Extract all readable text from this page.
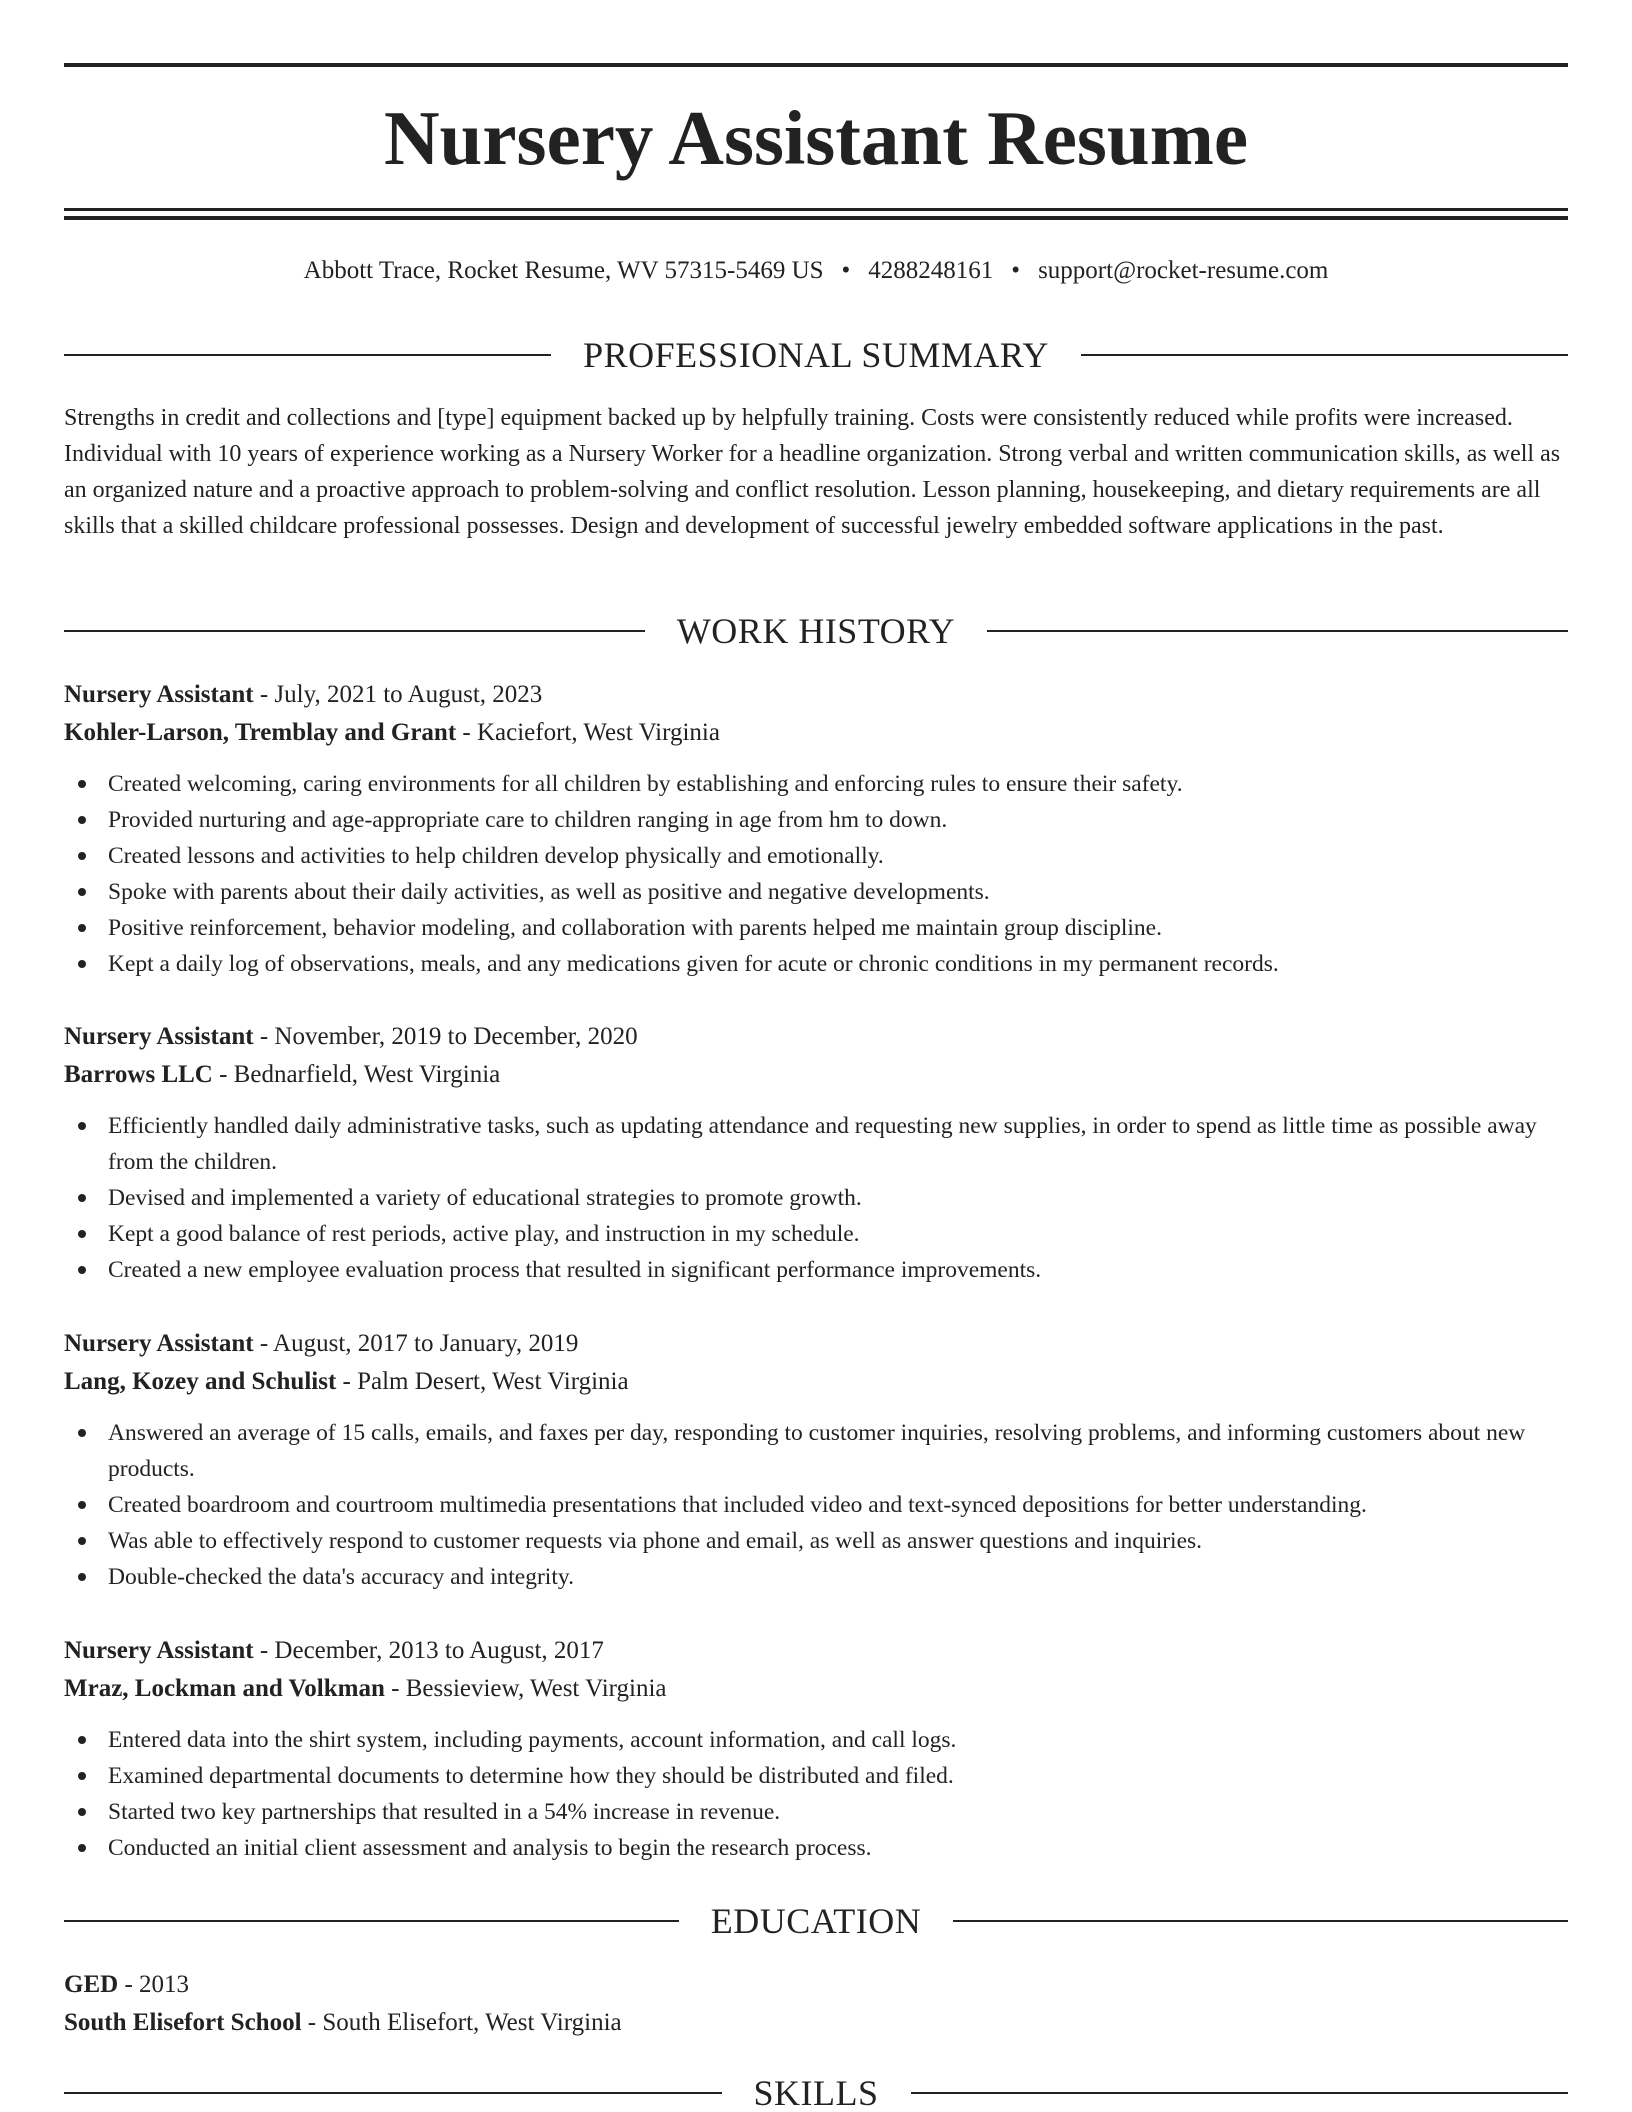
Nursery Assistant Resume
Abbott Trace, Rocket Resume, WV 57315-5469 US • 4288248161 • support@rocket-resume.com
PROFESSIONAL SUMMARY

Strengths in credit and collections and [type] equipment backed up by helpfully training. Costs were consistently reduced while profits were increased. Individual with 10 years of experience working as a Nursery Worker for a headline organization. Strong verbal and written communication skills, as well as an organized nature and a proactive approach to problem-solving and conflict resolution. Lesson planning, housekeeping, and dietary requirements are all skills that a skilled childcare professional possesses. Design and development of successful jewelry embedded software applications in the past.

WORK HISTORY
Nursery Assistant - July, 2021 to August, 2023
Kohler-Larson, Tremblay and Grant - Kaciefort, West Virginia
Created welcoming, caring environments for all children by establishing and enforcing rules to ensure their safety.
Provided nurturing and age-appropriate care to children ranging in age from hm to down.
Created lessons and activities to help children develop physically and emotionally.
Spoke with parents about their daily activities, as well as positive and negative developments.
Positive reinforcement, behavior modeling, and collaboration with parents helped me maintain group discipline.
Kept a daily log of observations, meals, and any medications given for acute or chronic conditions in my permanent records.
Nursery Assistant - November, 2019 to December, 2020
Barrows LLC - Bednarfield, West Virginia
Efficiently handled daily administrative tasks, such as updating attendance and requesting new supplies, in order to spend as little time as possible away from the children.
Devised and implemented a variety of educational strategies to promote growth.
Kept a good balance of rest periods, active play, and instruction in my schedule.
Created a new employee evaluation process that resulted in significant performance improvements.
Nursery Assistant - August, 2017 to January, 2019
Lang, Kozey and Schulist - Palm Desert, West Virginia
Answered an average of 15 calls, emails, and faxes per day, responding to customer inquiries, resolving problems, and informing customers about new products.
Created boardroom and courtroom multimedia presentations that included video and text-synced depositions for better understanding.
Was able to effectively respond to customer requests via phone and email, as well as answer questions and inquiries.
Double-checked the data's accuracy and integrity.
Nursery Assistant - December, 2013 to August, 2017
Mraz, Lockman and Volkman - Bessieview, West Virginia
Entered data into the shirt system, including payments, account information, and call logs.
Examined departmental documents to determine how they should be distributed and filed.
Started two key partnerships that resulted in a 54% increase in revenue.
Conducted an initial client assessment and analysis to begin the research process.
EDUCATION
GED - 2013
South Elisefort School - South Elisefort, West Virginia
SKILLS
